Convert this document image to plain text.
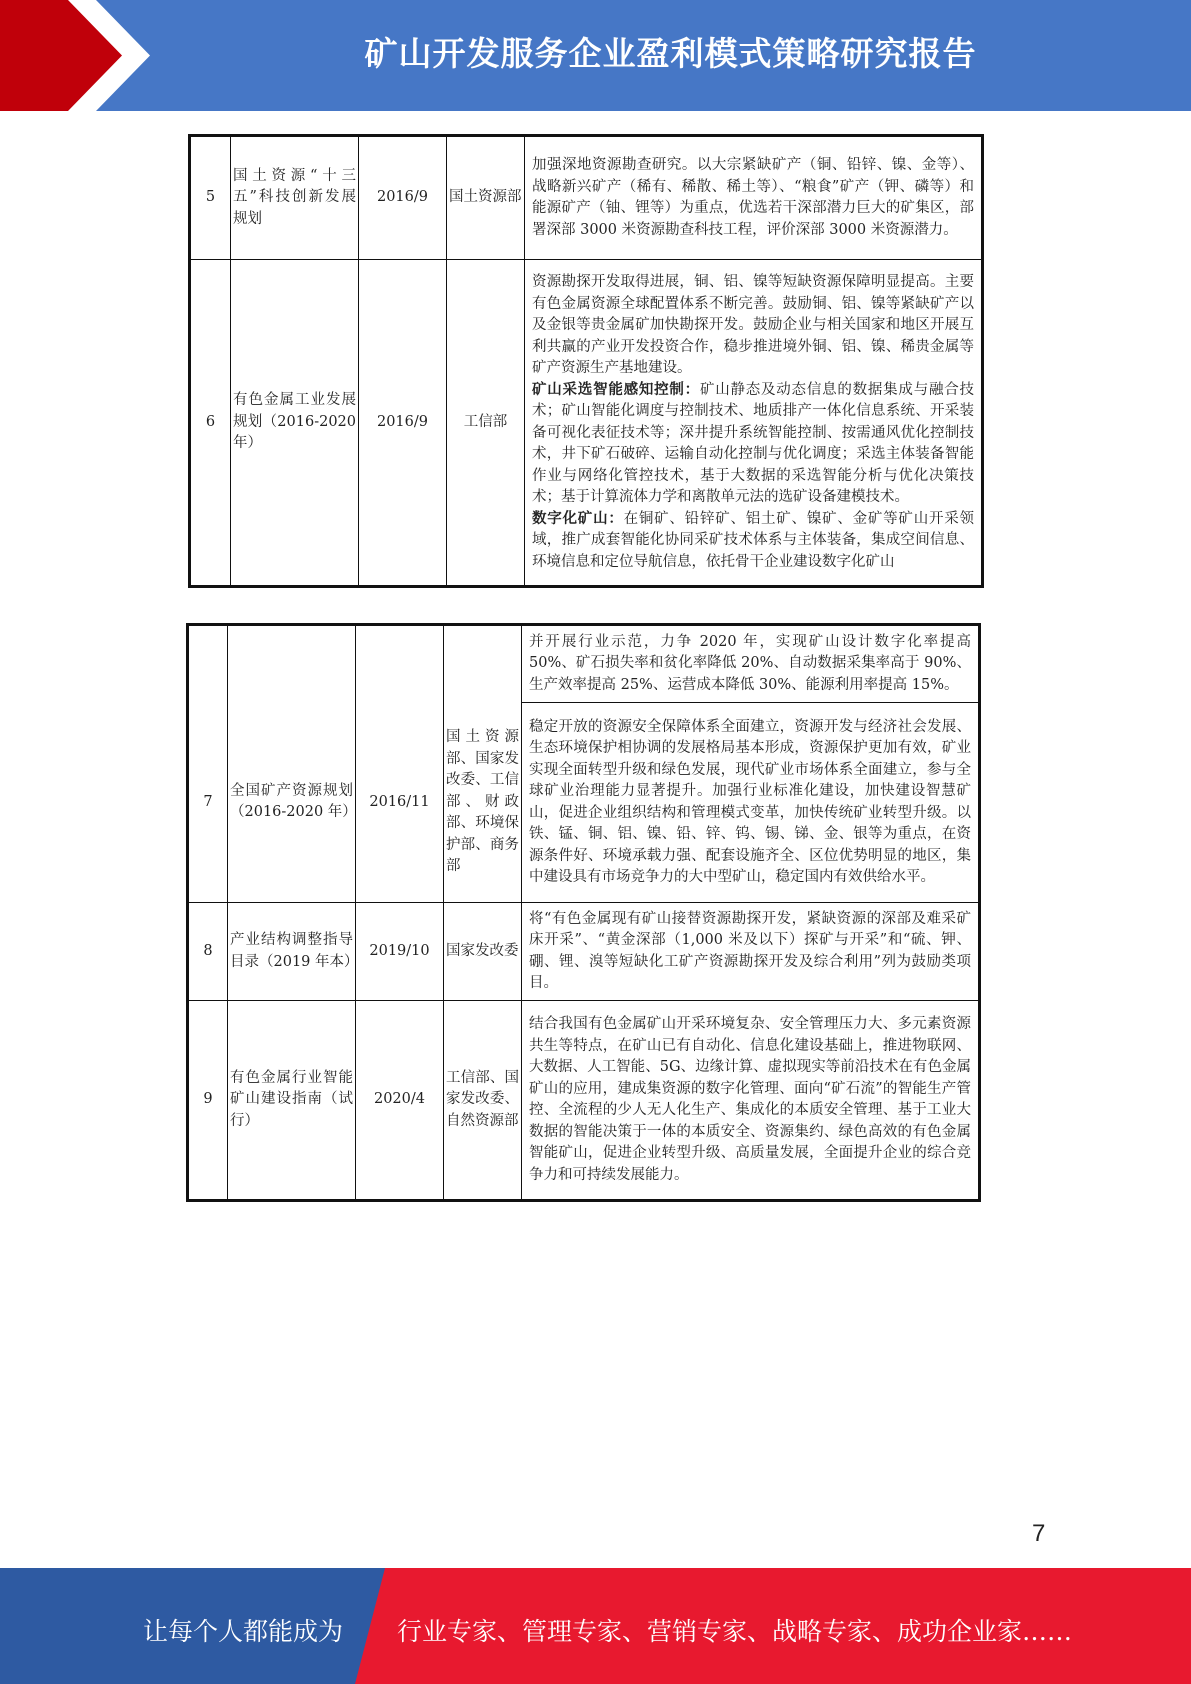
矿山开发服务企业盈利模式策略研究报告
5	国土资源“十三五”科技创新发展规划	2016/9	国土资源部	加强深地资源勘查研究。以大宗紧缺矿产（铜、铅锌、镍、金等）、战略新兴矿产（稀有、稀散、稀土等）、“粮食”矿产（钾、磷等）和能源矿产（铀、锂等）为重点，优选若干深部潜力巨大的矿集区，部署深部 3000 米资源勘查科技工程，评价深部 3000 米资源潜力。
6	有色金属工业发展规划（2016-2020 年）	2016/9	工信部	资源勘探开发取得进展，铜、铝、镍等短缺资源保障明显提高。主要有色金属资源全球配置体系不断完善。鼓励铜、铝、镍等紧缺矿产以及金银等贵金属矿加快勘探开发。鼓励企业与相关国家和地区开展互利共赢的产业开发投资合作，稳步推进境外铜、铝、镍、稀贵金属等矿产资源生产基地建设。
矿山采选智能感知控制：矿山静态及动态信息的数据集成与融合技术；矿山智能化调度与控制技术、地质排产一体化信息系统、开采装备可视化表征技术等；深井提升系统智能控制、按需通风优化控制技术，井下矿石破碎、运输自动化控制与优化调度；采选主体装备智能作业与网络化管控技术，基于大数据的采选智能分析与优化决策技术；基于计算流体力学和离散单元法的选矿设备建模技术。
数字化矿山：在铜矿、铅锌矿、铝土矿、镍矿、金矿等矿山开采领域，推广成套智能化协同采矿技术体系与主体装备，集成空间信息、环境信息和定位导航信息，依托骨干企业建设数字化矿山
				并开展行业示范，力争 2020 年，实现矿山设计数字化率提高 50%、矿石损失率和贫化率降低 20%、自动数据采集率高于 90%、生产效率提高 25%、运营成本降低 30%、能源利用率提高 15%。
7	全国矿产资源规划（2016-2020 年）	2016/11	国土资源部、国家发改委、工信部、财政部、环境保护部、商务部	稳定开放的资源安全保障体系全面建立，资源开发与经济社会发展、生态环境保护相协调的发展格局基本形成，资源保护更加有效，矿业实现全面转型升级和绿色发展，现代矿业市场体系全面建立，参与全球矿业治理能力显著提升。加强行业标准化建设，加快建设智慧矿山，促进企业组织结构和管理模式变革，加快传统矿业转型升级。以铁、锰、铜、铝、镍、铅、锌、钨、锡、锑、金、银等为重点，在资源条件好、环境承载力强、配套设施齐全、区位优势明显的地区，集中建设具有市场竞争力的大中型矿山，稳定国内有效供给水平。
8	产业结构调整指导目录（2019 年本）	2019/10	国家发改委	将“有色金属现有矿山接替资源勘探开发，紧缺资源的深部及难采矿床开采”、“黄金深部（1,000 米及以下）探矿与开采”和“硫、钾、硼、锂、溴等短缺化工矿产资源勘探开发及综合利用”列为鼓励类项目。
9	有色金属行业智能矿山建设指南（试行）	2020/4	工信部、国家发改委、自然资源部	结合我国有色金属矿山开采环境复杂、安全管理压力大、多元素资源共生等特点，在矿山已有自动化、信息化建设基础上，推进物联网、大数据、人工智能、5G、边缘计算、虚拟现实等前沿技术在有色金属矿山的应用，建成集资源的数字化管理、面向“矿石流”的智能生产管控、全流程的少人无人化生产、集成化的本质安全管理、基于工业大数据的智能决策于一体的本质安全、资源集约、绿色高效的有色金属智能矿山，促进企业转型升级、高质量发展，全面提升企业的综合竞争力和可持续发展能力。
7
让每个人都能成为 行业专家、管理专家、营销专家、战略专家、成功企业家……
